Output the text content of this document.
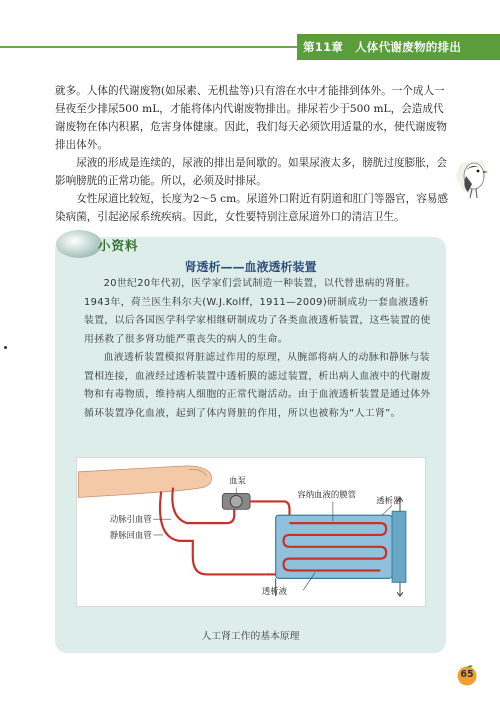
第11章　人体代谢废物的排出

就多。人体的代谢废物(如尿素、无机盐等)只有溶在水中才能排到体外。一个成人一昼夜至少排尿500 mL，才能将体内代谢废物排出。排尿若少于500 mL，会造成代谢废物在体内积累，危害身体健康。因此，我们每天必须饮用适量的水，使代谢废物排出体外。

尿液的形成是连续的，尿液的排出是间歇的。如果尿液太多，膀胱过度膨胀，会影响膀胱的正常功能。所以，必须及时排尿。

女性尿道比较短，长度为2～5 cm。尿道外口附近有阴道和肛门等器官，容易感染病菌，引起泌尿系统疾病。因此，女性要特别注意尿道外口的清洁卫生。

小资料
肾透析——血液透析装置

20世纪20年代初，医学家们尝试制造一种装置，以代替患病的肾脏。1943年，荷兰医生科尔夫(W.J.Kolff，1911—2009)研制成功一套血液透析装置，以后各国医学科学家相继研制成功了各类血液透析装置，这些装置的使用拯救了很多肾功能严重丧失的病人的生命。

血液透析装置模拟肾脏滤过作用的原理，从腕部将病人的动脉和静脉与装置相连接，血液经过透析装置中透析膜的滤过装置，析出病人血液中的代谢废物和有毒物质，维持病人细胞的正常代谢活动。由于血液透析装置是通过体外循环装置净化血液，起到了体内肾脏的作用，所以也被称为“人工肾”。

血泵
容纳血液的膜管
透析器
动脉引血管
静脉回血管
透析液
人工肾工作的基本原理
65
